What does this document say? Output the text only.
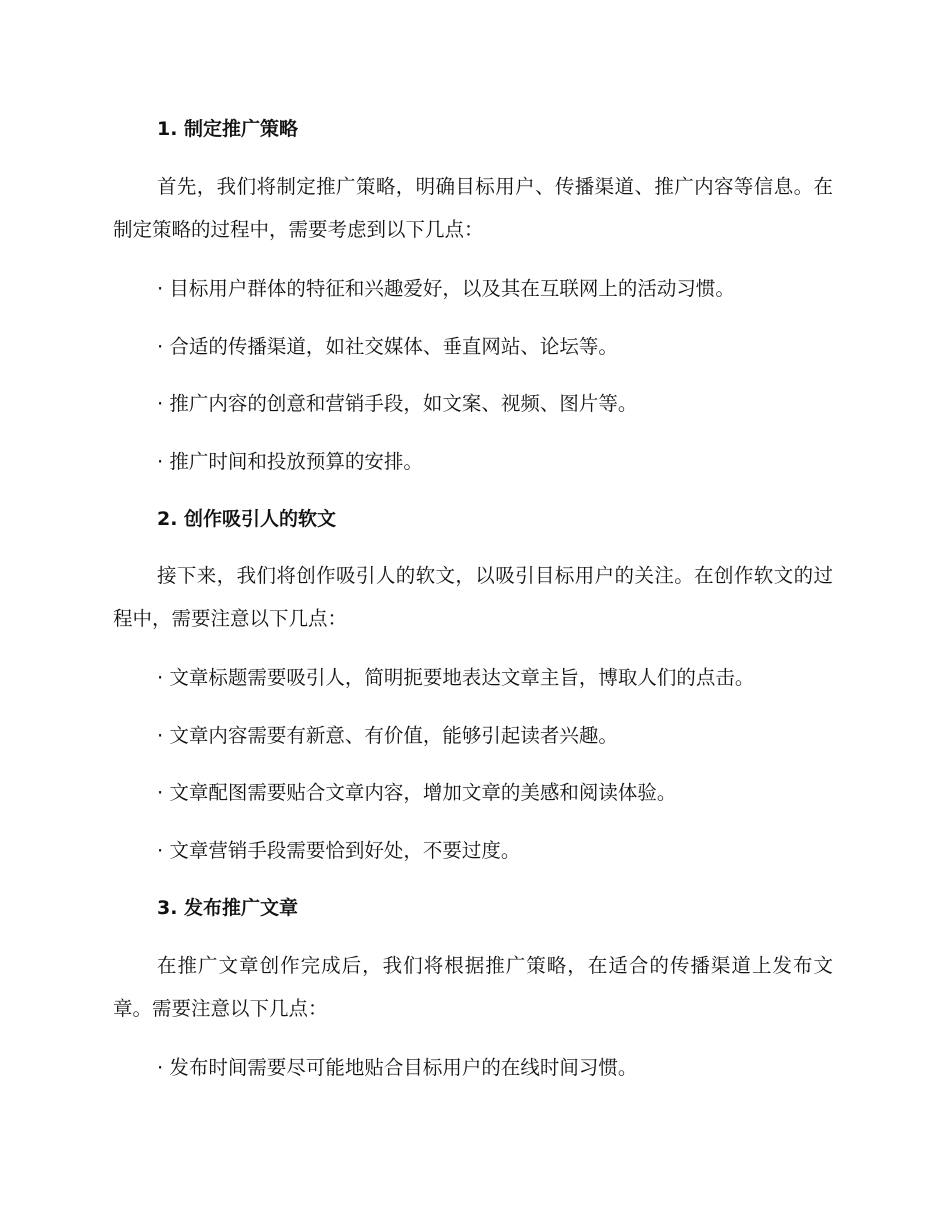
1. 制定推广策略

首先，我们将制定推广策略，明确目标用户、传播渠道、推广内容等信息。在制定策略的过程中，需要考虑到以下几点：

· 目标用户群体的特征和兴趣爱好，以及其在互联网上的活动习惯。
· 合适的传播渠道，如社交媒体、垂直网站、论坛等。
· 推广内容的创意和营销手段，如文案、视频、图片等。
· 推广时间和投放预算的安排。
2. 创作吸引人的软文

接下来，我们将创作吸引人的软文，以吸引目标用户的关注。在创作软文的过程中，需要注意以下几点：

· 文章标题需要吸引人，简明扼要地表达文章主旨，博取人们的点击。
· 文章内容需要有新意、有价值，能够引起读者兴趣。
· 文章配图需要贴合文章内容，增加文章的美感和阅读体验。
· 文章营销手段需要恰到好处，不要过度。
3. 发布推广文章

在推广文章创作完成后，我们将根据推广策略，在适合的传播渠道上发布文章。需要注意以下几点：

· 发布时间需要尽可能地贴合目标用户的在线时间习惯。
